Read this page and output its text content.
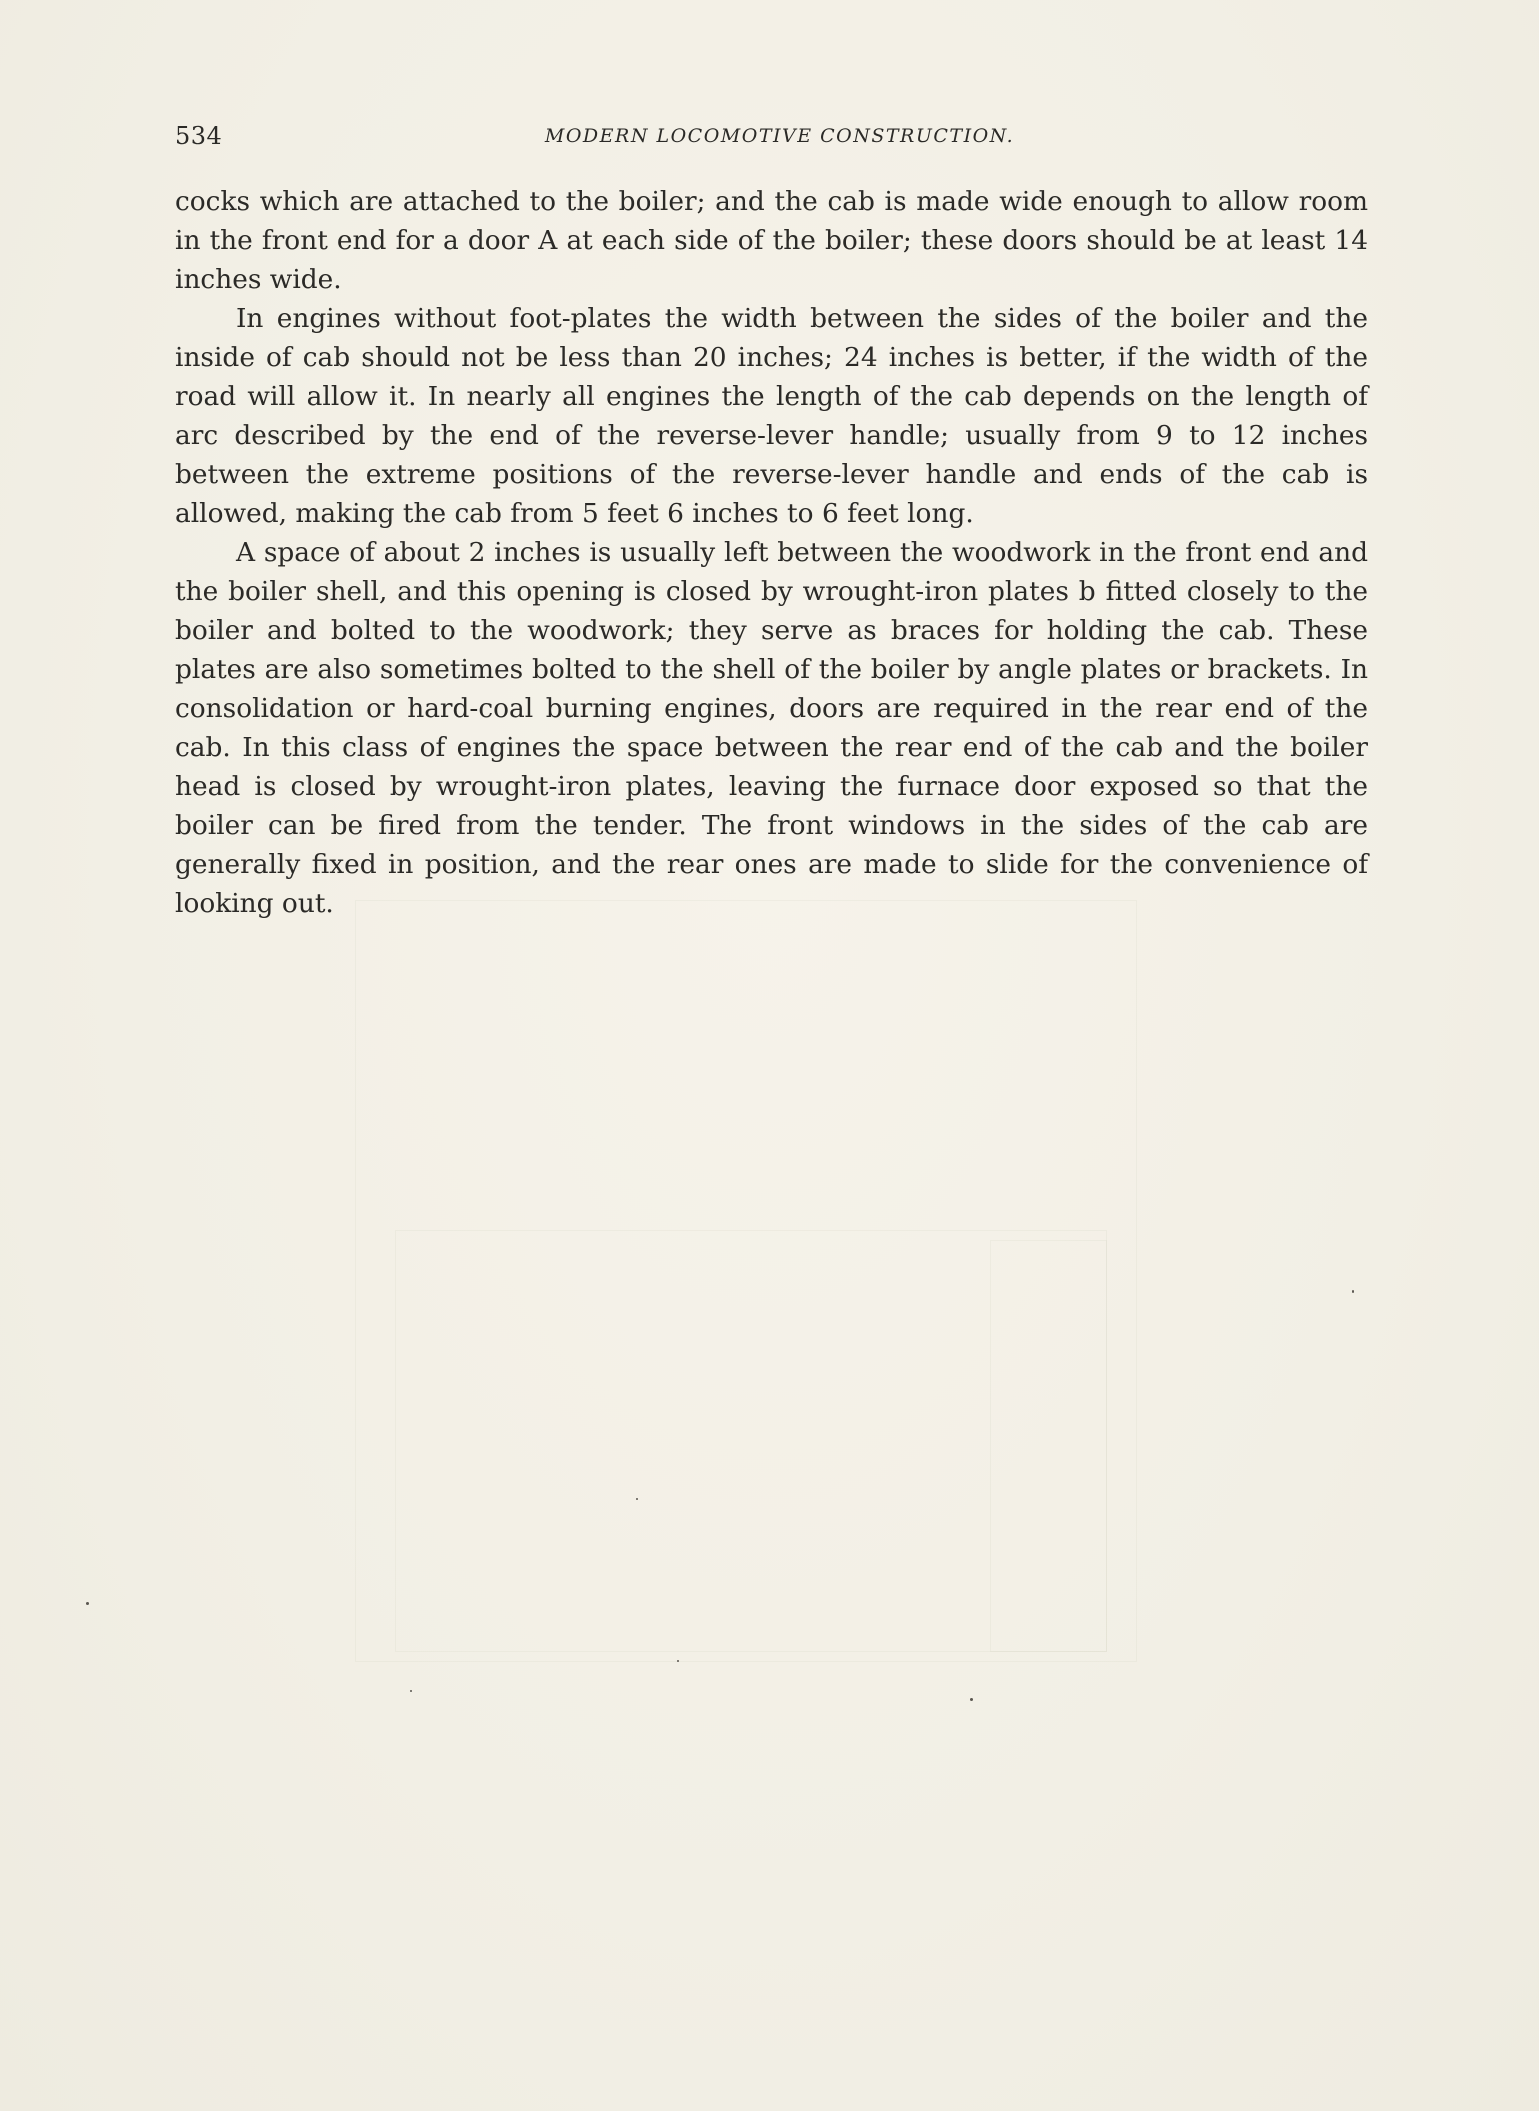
534	MODERN LOCOMOTIVE CONSTRUCTION.

cocks which are attached to the boiler; and the cab is made wide enough to allow room in the front end for a door A at each side of the boiler; these doors should be at least 14 inches wide.

In engines without foot-plates the width between the sides of the boiler and the inside of cab should not be less than 20 inches; 24 inches is better, if the width of the road will allow it. In nearly all engines the length of the cab depends on the length of arc described by the end of the reverse-lever handle; usually from 9 to 12 inches between the extreme positions of the reverse-lever handle and ends of the cab is allowed, making the cab from 5 feet 6 inches to 6 feet long.

A space of about 2 inches is usually left between the woodwork in the front end and the boiler shell, and this opening is closed by wrought-iron plates b fitted closely to the boiler and bolted to the woodwork; they serve as braces for holding the cab. These plates are also sometimes bolted to the shell of the boiler by angle plates or brackets. In consolidation or hard-coal burning engines, doors are required in the rear end of the cab. In this class of engines the space between the rear end of the cab and the boiler head is closed by wrought-iron plates, leaving the furnace door exposed so that the boiler can be fired from the tender. The front windows in the sides of the cab are generally fixed in position, and the rear ones are made to slide for the convenience of looking out.
